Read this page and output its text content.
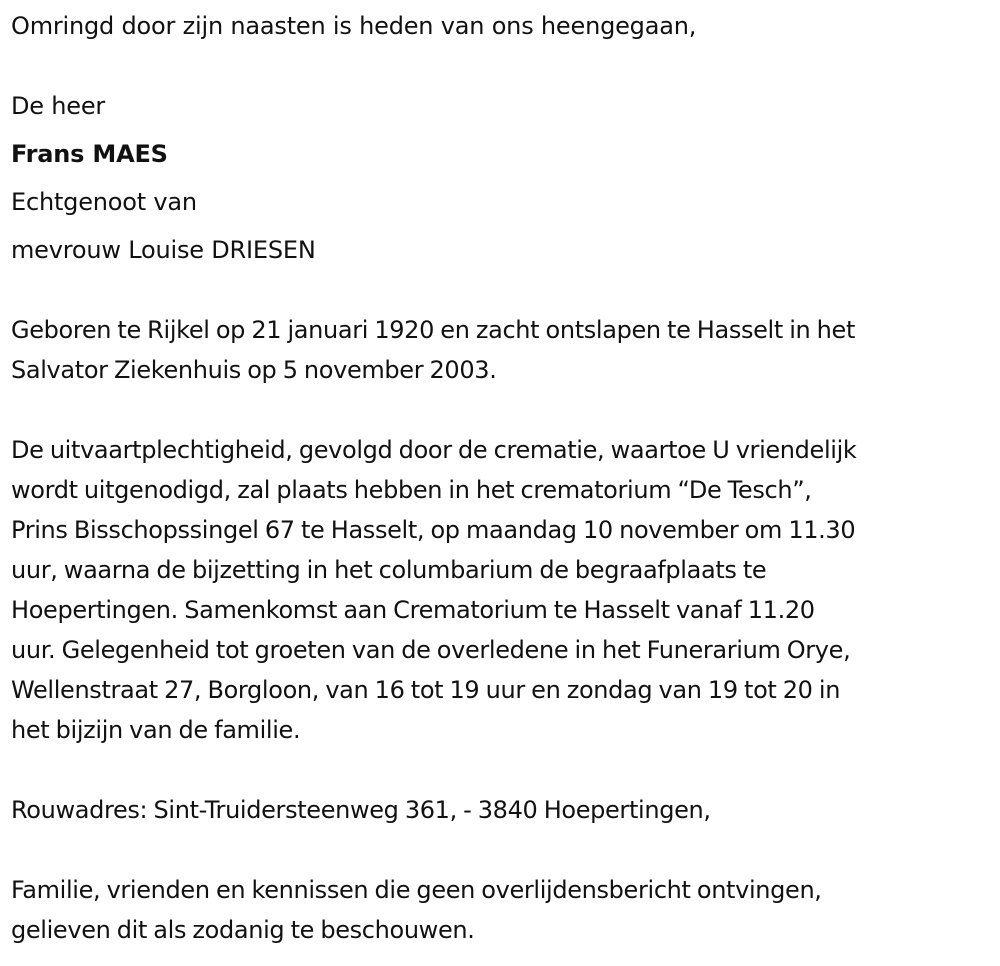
Omringd door zijn naasten is heden van ons heengegaan,
De heer
Frans MAES
Echtgenoot van
mevrouw Louise DRIESEN
Geboren te Rijkel op 21 januari 1920 en zacht ontslapen te Hasselt in het
Salvator Ziekenhuis op 5 november 2003.
De uitvaartplechtigheid, gevolgd door de crematie, waartoe U vriendelijk
wordt uitgenodigd, zal plaats hebben in het crematorium “De Tesch”,
Prins Bisschopssingel 67 te Hasselt, op maandag 10 november om 11.30
uur, waarna de bijzetting in het columbarium de begraafplaats te
Hoepertingen. Samenkomst aan Crematorium te Hasselt vanaf 11.20
uur. Gelegenheid tot groeten van de overledene in het Funerarium Orye,
Wellenstraat 27, Borgloon, van 16 tot 19 uur en zondag van 19 tot 20 in
het bijzijn van de familie.
Rouwadres: Sint-Truidersteenweg 361, - 3840 Hoepertingen,
Familie, vrienden en kennissen die geen overlijdensbericht ontvingen,
gelieven dit als zodanig te beschouwen.
